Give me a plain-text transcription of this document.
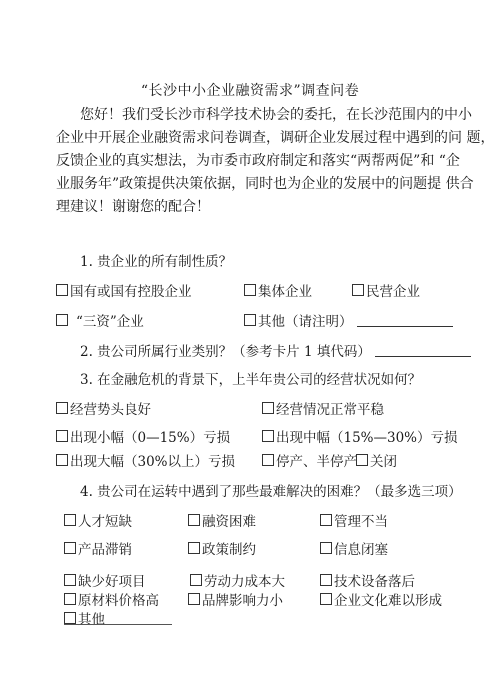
“长沙中小企业融资需求”调查问卷
您好！我们受长沙市科学技术协会的委托，在长沙范围内的中小
企业中开展企业融资需求问卷调查，调研企业发展过程中遇到的问 题，
反馈企业的真实想法，为市委市政府制定和落实“两帮两促”和 “企
业服务年”政策提供决策依据，同时也为企业的发展中的问题提 供合
理建议！谢谢您的配合！
1. 贵企业的所有制性质？
国有或国有控股企业	集体企业	民营企业
“三资”企业	其他（请注明）
2. 贵公司所属行业类别？（参考卡片 1 填代码）
3. 在金融危机的背景下，上半年贵公司的经营状况如何？
经营势头良好	经营情况正常平稳
出现小幅（0—15%）亏损	出现中幅（15%—30%）亏损
出现大幅（30%以上）亏损	停产、半停产 关闭
4. 贵公司在运转中遇到了那些最难解决的困难？（最多选三项）
人才短缺	融资困难	管理不当
产品滞销	政策制约	信息闭塞
缺少好项目	劳动力成本大	技术设备落后
原材料价格高	品牌影响力小	企业文化难以形成
其他
